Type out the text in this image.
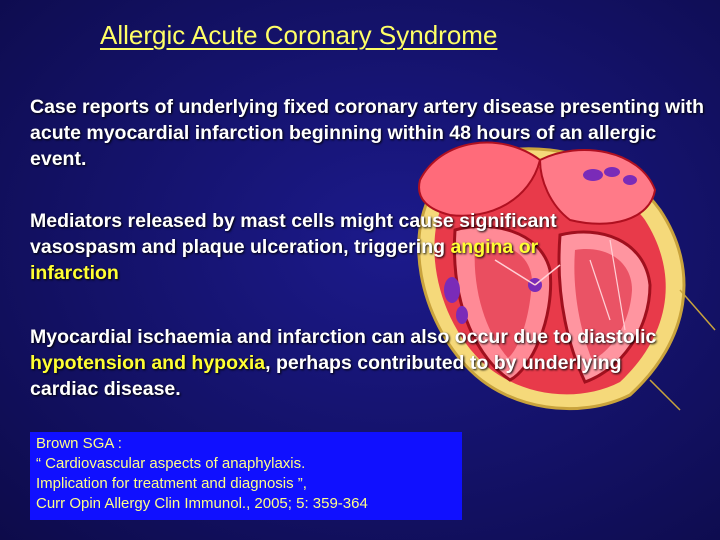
Allergic Acute Coronary Syndrome
Case reports of underlying fixed coronary artery disease presenting with acute myocardial infarction beginning within 48 hours of an allergic event.
Mediators released by mast cells might cause significant vasospasm and plaque ulceration, triggering angina or infarction
Myocardial ischaemia and infarction can also occur due to diastolic hypotension and hypoxia, perhaps contributed to by underlying cardiac disease.
Brown SGA :
“ Cardiovascular aspects of anaphylaxis.
Implication for treatment and diagnosis ”,
Curr Opin Allergy Clin Immunol., 2005; 5: 359-364
